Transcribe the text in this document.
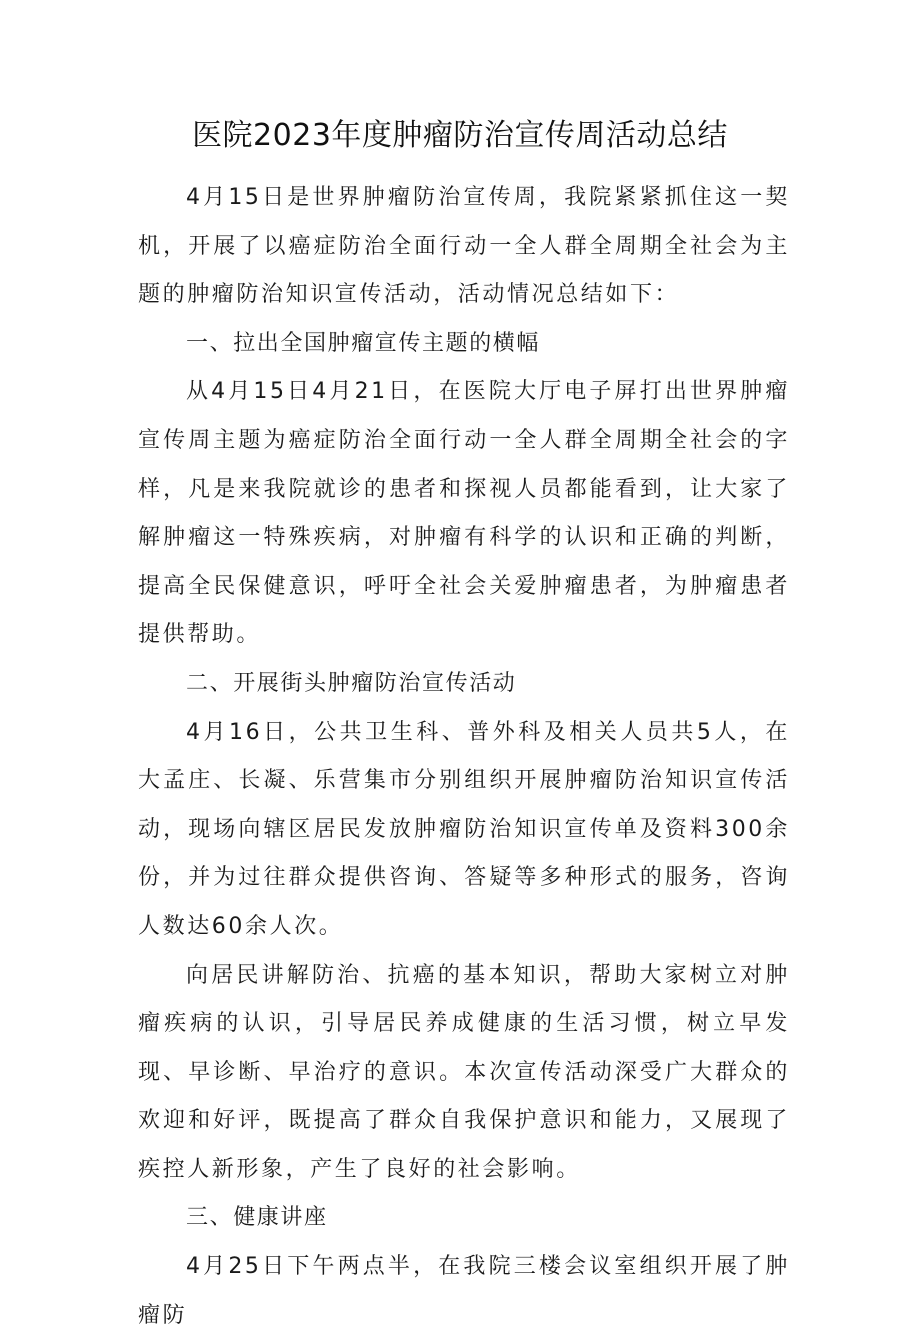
医院2023年度肿瘤防治宣传周活动总结

4月15日是世界肿瘤防治宣传周，我院紧紧抓住这一契机，开展了以癌症防治全面行动一全人群全周期全社会为主题的肿瘤防治知识宣传活动，活动情况总结如下：

一、拉出全国肿瘤宣传主题的横幅

从4月15日4月21日，在医院大厅电子屏打出世界肿瘤宣传周主题为癌症防治全面行动一全人群全周期全社会的字样，凡是来我院就诊的患者和探视人员都能看到，让大家了解肿瘤这一特殊疾病，对肿瘤有科学的认识和正确的判断，提高全民保健意识，呼吁全社会关爱肿瘤患者，为肿瘤患者提供帮助。

二、开展街头肿瘤防治宣传活动

4月16日，公共卫生科、普外科及相关人员共5人，在大孟庄、长凝、乐营集市分别组织开展肿瘤防治知识宣传活动，现场向辖区居民发放肿瘤防治知识宣传单及资料300余份，并为过往群众提供咨询、答疑等多种形式的服务，咨询人数达60余人次。

向居民讲解防治、抗癌的基本知识，帮助大家树立对肿瘤疾病的认识，引导居民养成健康的生活习惯，树立早发现、早诊断、早治疗的意识。本次宣传活动深受广大群众的欢迎和好评，既提高了群众自我保护意识和能力，又展现了疾控人新形象，产生了良好的社会影响。

三、健康讲座

4月25日下午两点半，在我院三楼会议室组织开展了肿瘤防
